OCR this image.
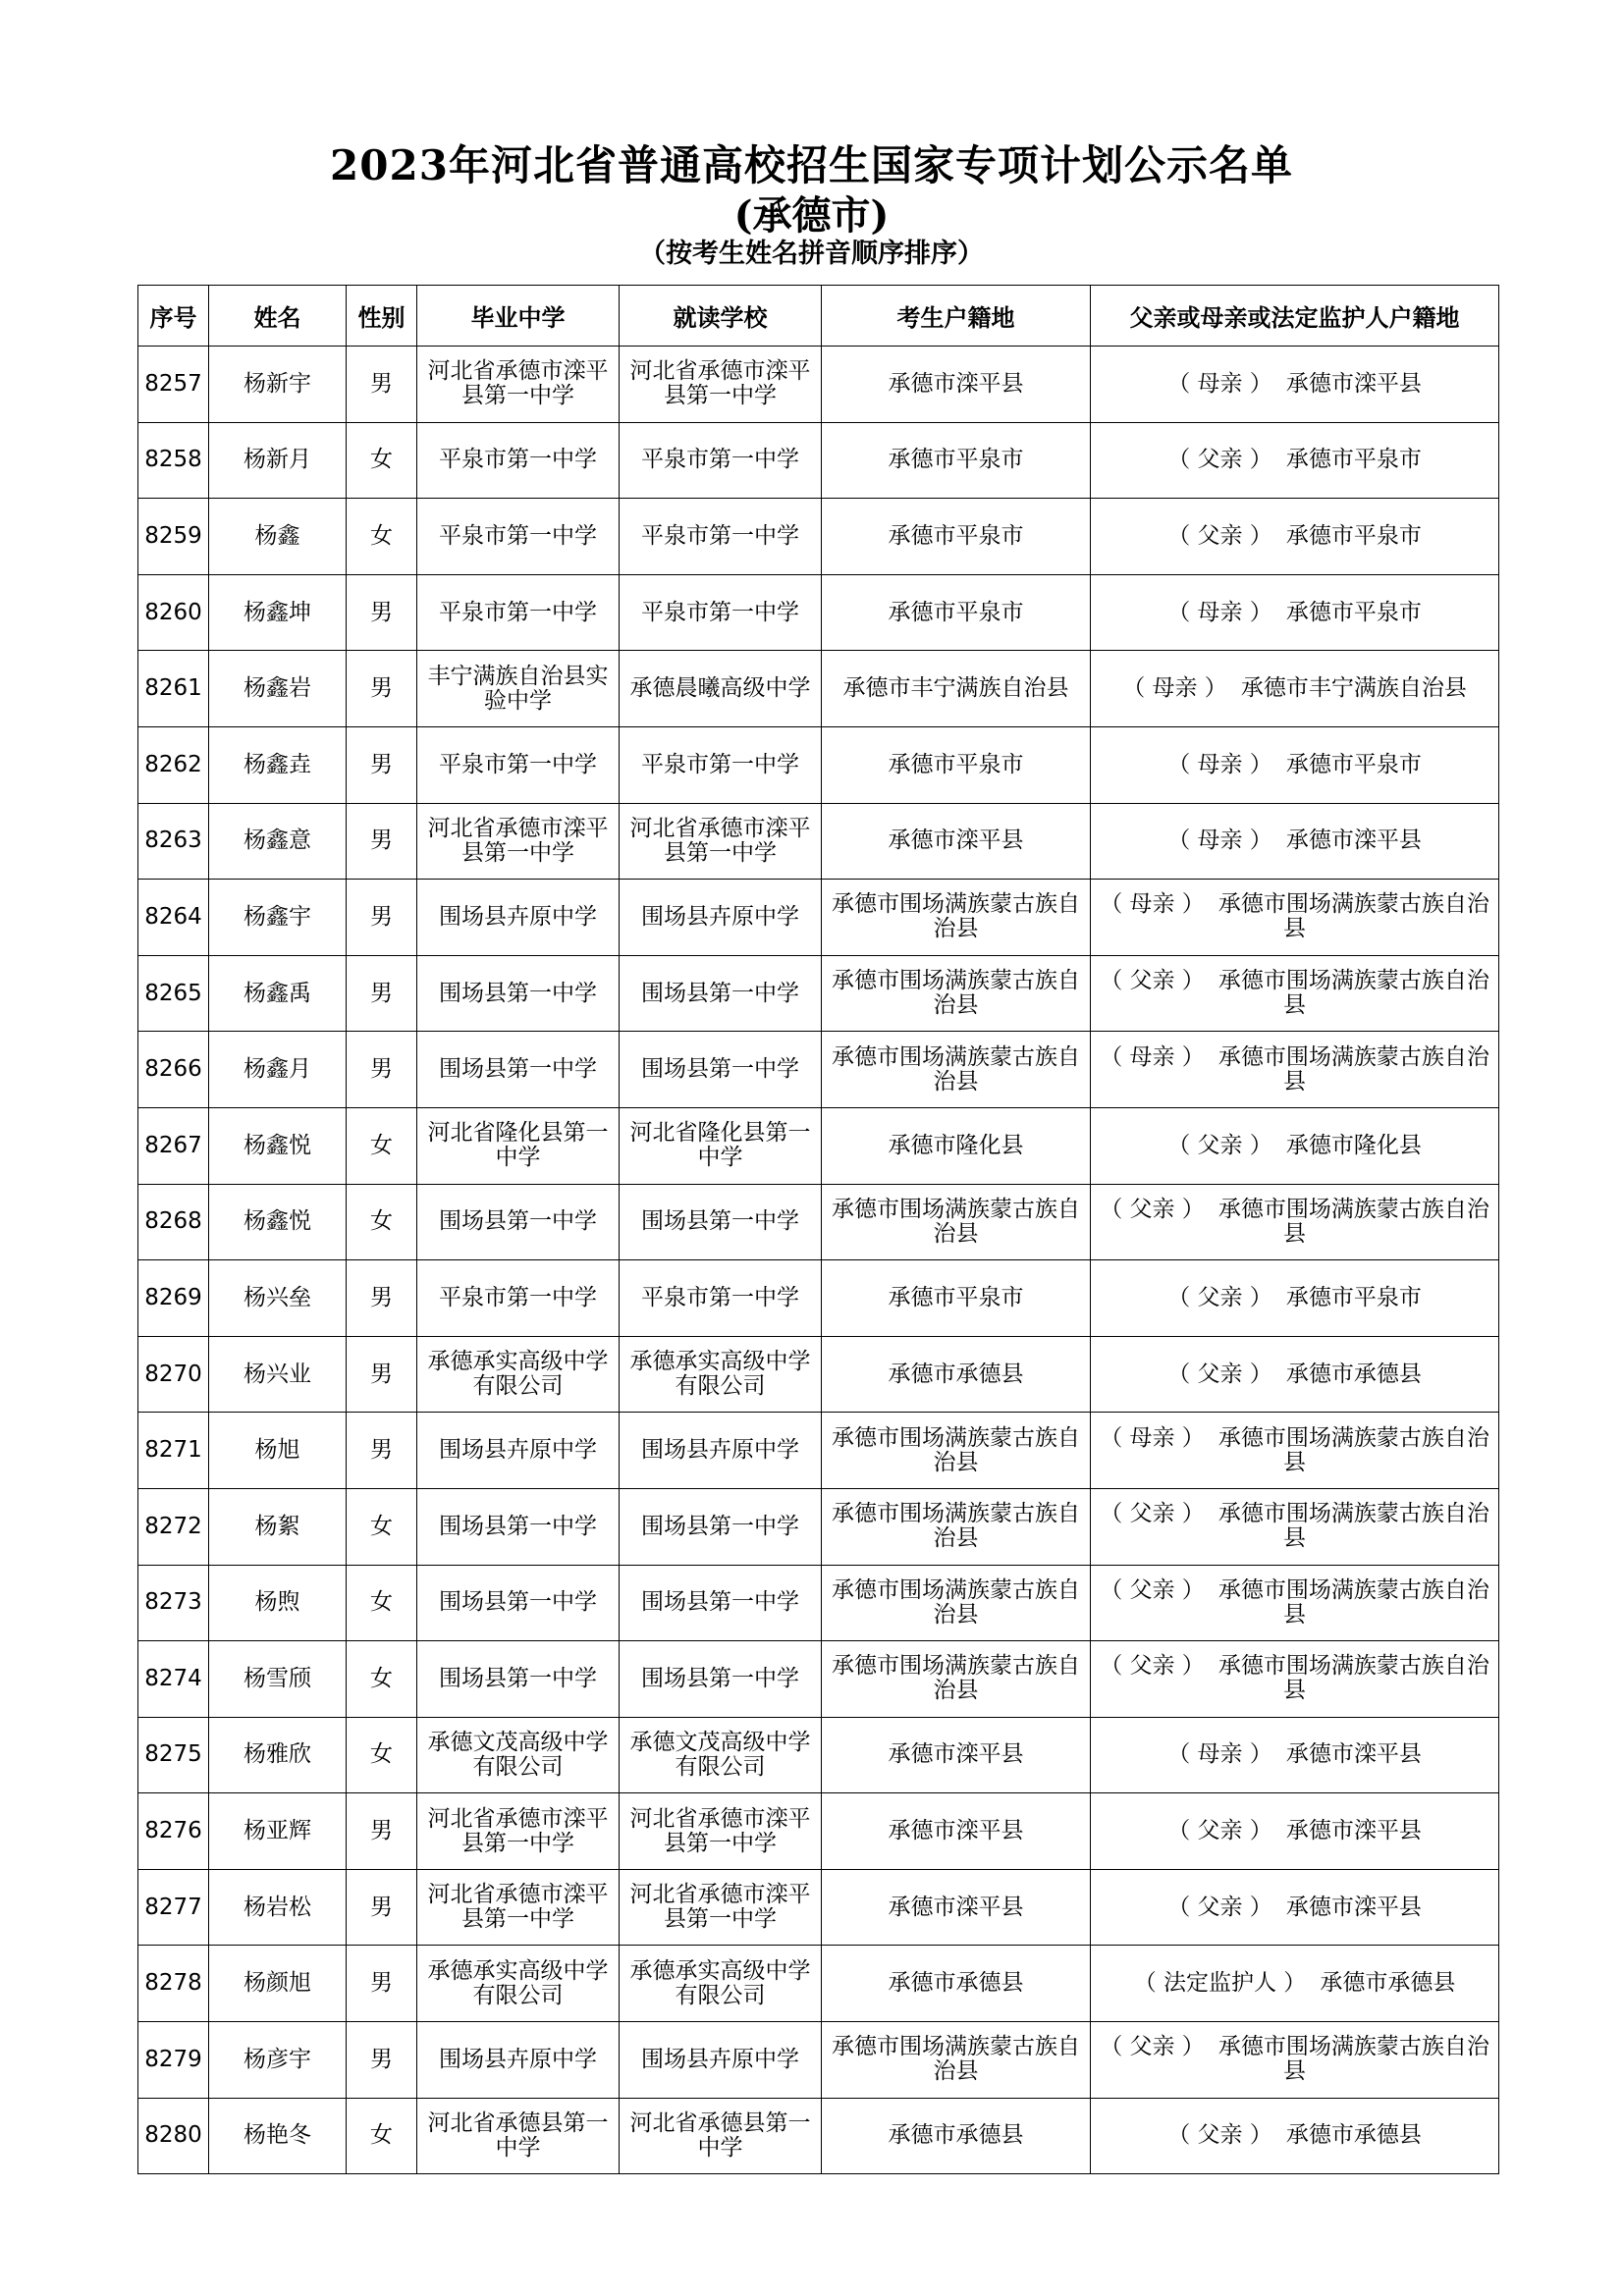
2023年河北省普通高校招生国家专项计划公示名单
(承德市)
（按考生姓名拼音顺序排序）
序号	姓名	性别	毕业中学	就读学校	考生户籍地	父亲或母亲或法定监护人户籍地
8257	杨新宇	男	河北省承德市滦平县第一中学	河北省承德市滦平县第一中学	承德市滦平县	（ 母亲 ） 承德市滦平县
8258	杨新月	女	平泉市第一中学	平泉市第一中学	承德市平泉市	（ 父亲 ） 承德市平泉市
8259	杨鑫	女	平泉市第一中学	平泉市第一中学	承德市平泉市	（ 父亲 ） 承德市平泉市
8260	杨鑫坤	男	平泉市第一中学	平泉市第一中学	承德市平泉市	（ 母亲 ） 承德市平泉市
8261	杨鑫岩	男	丰宁满族自治县实验中学	承德晨曦高级中学	承德市丰宁满族自治县	（ 母亲 ） 承德市丰宁满族自治县
8262	杨鑫垚	男	平泉市第一中学	平泉市第一中学	承德市平泉市	（ 母亲 ） 承德市平泉市
8263	杨鑫意	男	河北省承德市滦平县第一中学	河北省承德市滦平县第一中学	承德市滦平县	（ 母亲 ） 承德市滦平县
8264	杨鑫宇	男	围场县卉原中学	围场县卉原中学	承德市围场满族蒙古族自治县	（ 母亲 ） 承德市围场满族蒙古族自治县
8265	杨鑫禹	男	围场县第一中学	围场县第一中学	承德市围场满族蒙古族自治县	（ 父亲 ） 承德市围场满族蒙古族自治县
8266	杨鑫月	男	围场县第一中学	围场县第一中学	承德市围场满族蒙古族自治县	（ 母亲 ） 承德市围场满族蒙古族自治县
8267	杨鑫悦	女	河北省隆化县第一中学	河北省隆化县第一中学	承德市隆化县	（ 父亲 ） 承德市隆化县
8268	杨鑫悦	女	围场县第一中学	围场县第一中学	承德市围场满族蒙古族自治县	（ 父亲 ） 承德市围场满族蒙古族自治县
8269	杨兴垒	男	平泉市第一中学	平泉市第一中学	承德市平泉市	（ 父亲 ） 承德市平泉市
8270	杨兴业	男	承德承实高级中学有限公司	承德承实高级中学有限公司	承德市承德县	（ 父亲 ） 承德市承德县
8271	杨旭	男	围场县卉原中学	围场县卉原中学	承德市围场满族蒙古族自治县	（ 母亲 ） 承德市围场满族蒙古族自治县
8272	杨絮	女	围场县第一中学	围场县第一中学	承德市围场满族蒙古族自治县	（ 父亲 ） 承德市围场满族蒙古族自治县
8273	杨煦	女	围场县第一中学	围场县第一中学	承德市围场满族蒙古族自治县	（ 父亲 ） 承德市围场满族蒙古族自治县
8274	杨雪颀	女	围场县第一中学	围场县第一中学	承德市围场满族蒙古族自治县	（ 父亲 ） 承德市围场满族蒙古族自治县
8275	杨雅欣	女	承德文茂高级中学有限公司	承德文茂高级中学有限公司	承德市滦平县	（ 母亲 ） 承德市滦平县
8276	杨亚辉	男	河北省承德市滦平县第一中学	河北省承德市滦平县第一中学	承德市滦平县	（ 父亲 ） 承德市滦平县
8277	杨岩松	男	河北省承德市滦平县第一中学	河北省承德市滦平县第一中学	承德市滦平县	（ 父亲 ） 承德市滦平县
8278	杨颜旭	男	承德承实高级中学有限公司	承德承实高级中学有限公司	承德市承德县	（ 法定监护人 ） 承德市承德县
8279	杨彦宇	男	围场县卉原中学	围场县卉原中学	承德市围场满族蒙古族自治县	（ 父亲 ） 承德市围场满族蒙古族自治县
8280	杨艳冬	女	河北省承德县第一中学	河北省承德县第一中学	承德市承德县	（ 父亲 ） 承德市承德县
